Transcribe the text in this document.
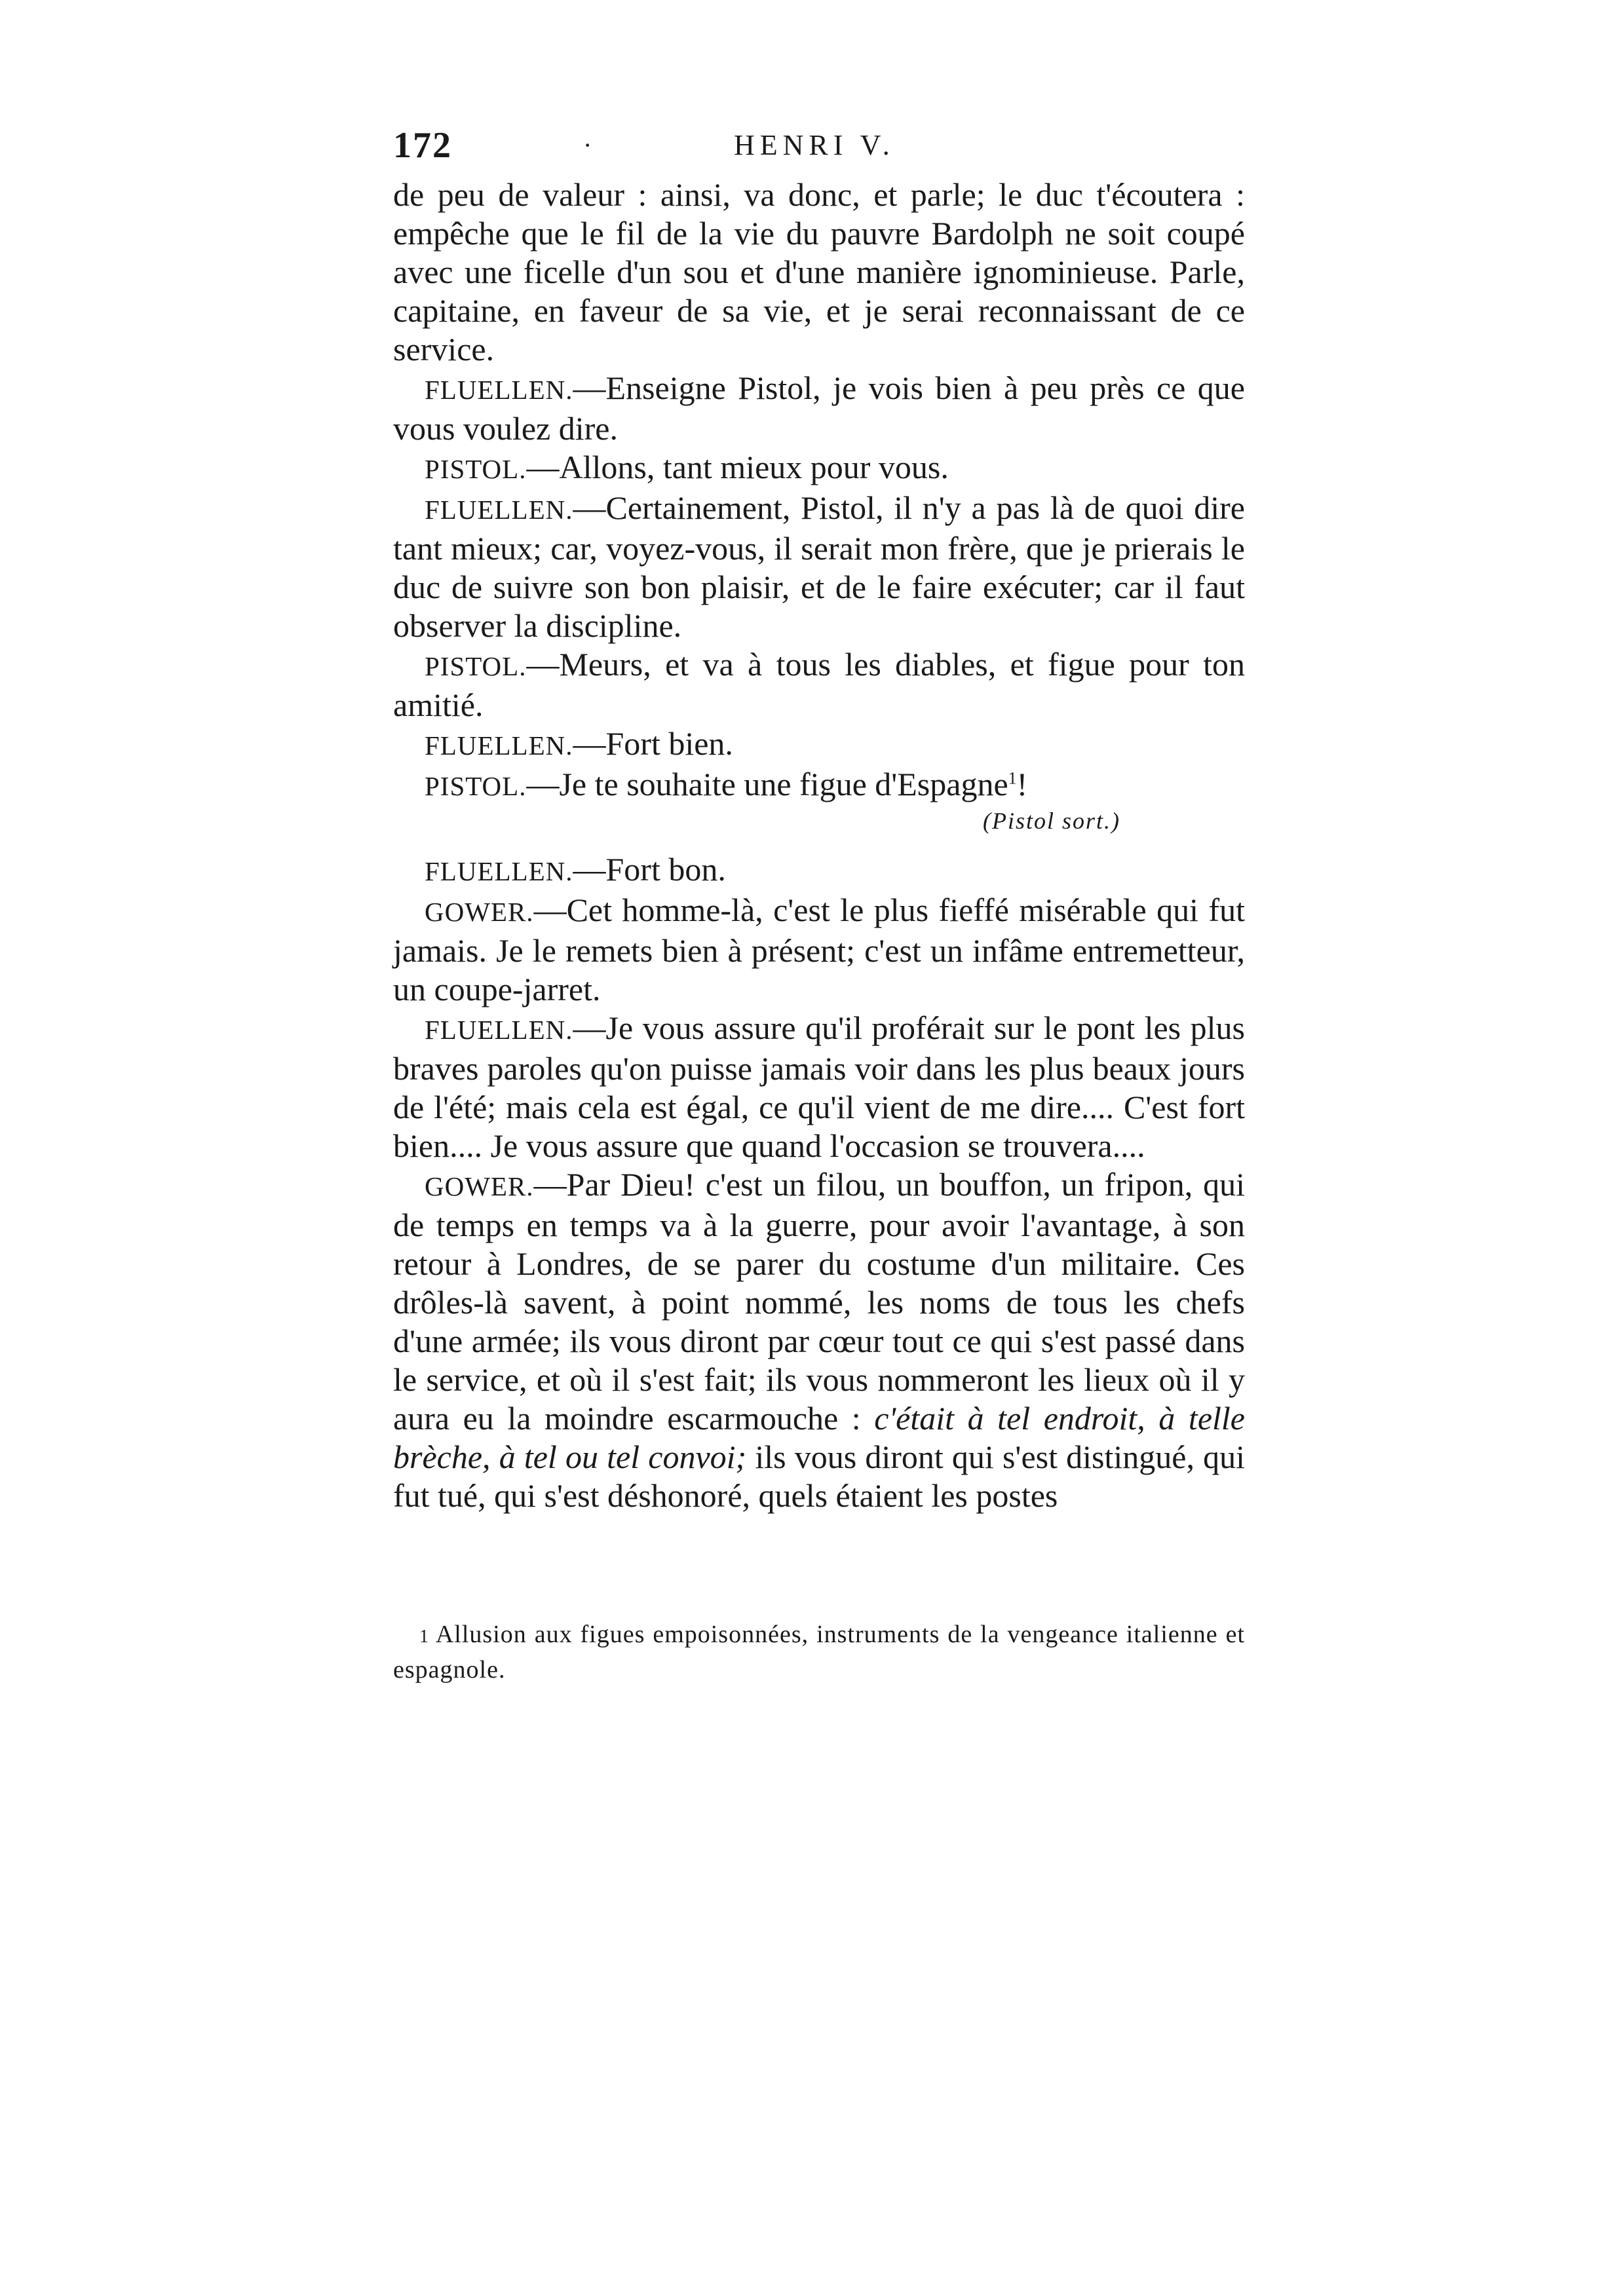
172	·	HENRI V.

de peu de valeur : ainsi, va donc, et parle; le duc t'écoutera : empêche que le fil de la vie du pauvre Bardolph ne soit coupé avec une ficelle d'un sou et d'une manière ignominieuse. Parle, capitaine, en faveur de sa vie, et je serai reconnaissant de ce service.

FLUELLEN.—Enseigne Pistol, je vois bien à peu près ce que vous voulez dire.

PISTOL.—Allons, tant mieux pour vous.

FLUELLEN.—Certainement, Pistol, il n'y a pas là de quoi dire tant mieux; car, voyez-vous, il serait mon frère, que je prierais le duc de suivre son bon plaisir, et de le faire exécuter; car il faut observer la discipline.

PISTOL.—Meurs, et va à tous les diables, et figue pour ton amitié.

FLUELLEN.—Fort bien.

PISTOL.—Je te souhaite une figue d'Espagne$^1$!

(Pistol sort.)

FLUELLEN.—Fort bon.

GOWER.—Cet homme-là, c'est le plus fieffé misérable qui fut jamais. Je le remets bien à présent; c'est un infâme entremetteur, un coupe-jarret.

FLUELLEN.—Je vous assure qu'il proférait sur le pont les plus braves paroles qu'on puisse jamais voir dans les plus beaux jours de l'été; mais cela est égal, ce qu'il vient de me dire.... C'est fort bien.... Je vous assure que quand l'occasion se trouvera....

GOWER.—Par Dieu! c'est un filou, un bouffon, un fripon, qui de temps en temps va à la guerre, pour avoir l'avantage, à son retour à Londres, de se parer du costume d'un militaire. Ces drôles-là savent, à point nommé, les noms de tous les chefs d'une armée; ils vous diront par cœur tout ce qui s'est passé dans le service, et où il s'est fait; ils vous nommeront les lieux où il y aura eu la moindre escarmouche : c'était à tel endroit, à telle brèche, à tel ou tel convoi; ils vous diront qui s'est distingué, qui fut tué, qui s'est déshonoré, quels étaient les postes

1 Allusion aux figues empoisonnées, instruments de la vengeance italienne et espagnole.
